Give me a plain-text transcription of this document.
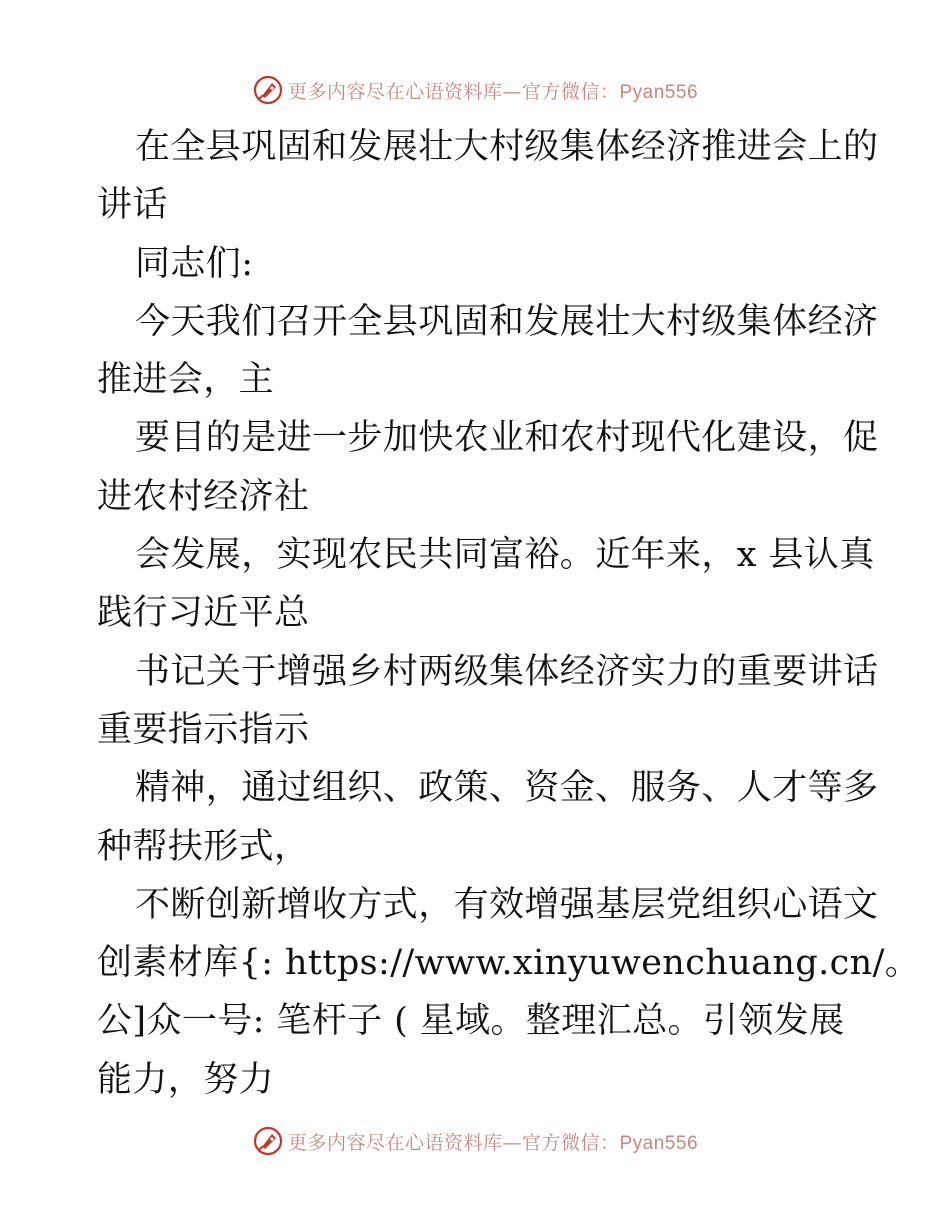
更多内容尽在心语资料库—官方微信：Pyan556
在全县巩固和发展壮大村级集体经济推进会上的
讲话
同志们:
今天我们召开全县巩固和发展壮大村级集体经济
推进会，主
要目的是进一步加快农业和农村现代化建设，促
进农村经济社
会发展，实现农民共同富裕。近年来，x 县认真
践行习近平总
书记关于增强乡村两级集体经济实力的重要讲话
重要指示指示
精神，通过组织、政策、资金、服务、人才等多
种帮扶形式，
不断创新增收方式，有效增强基层党组织心语文
创素材库{: https://www.xinyuwenchuang.cn/。
公]众一号: 笔杆子 ( 星域。整理汇总。引领发展
能力，努力
更多内容尽在心语资料库—官方微信：Pyan556
